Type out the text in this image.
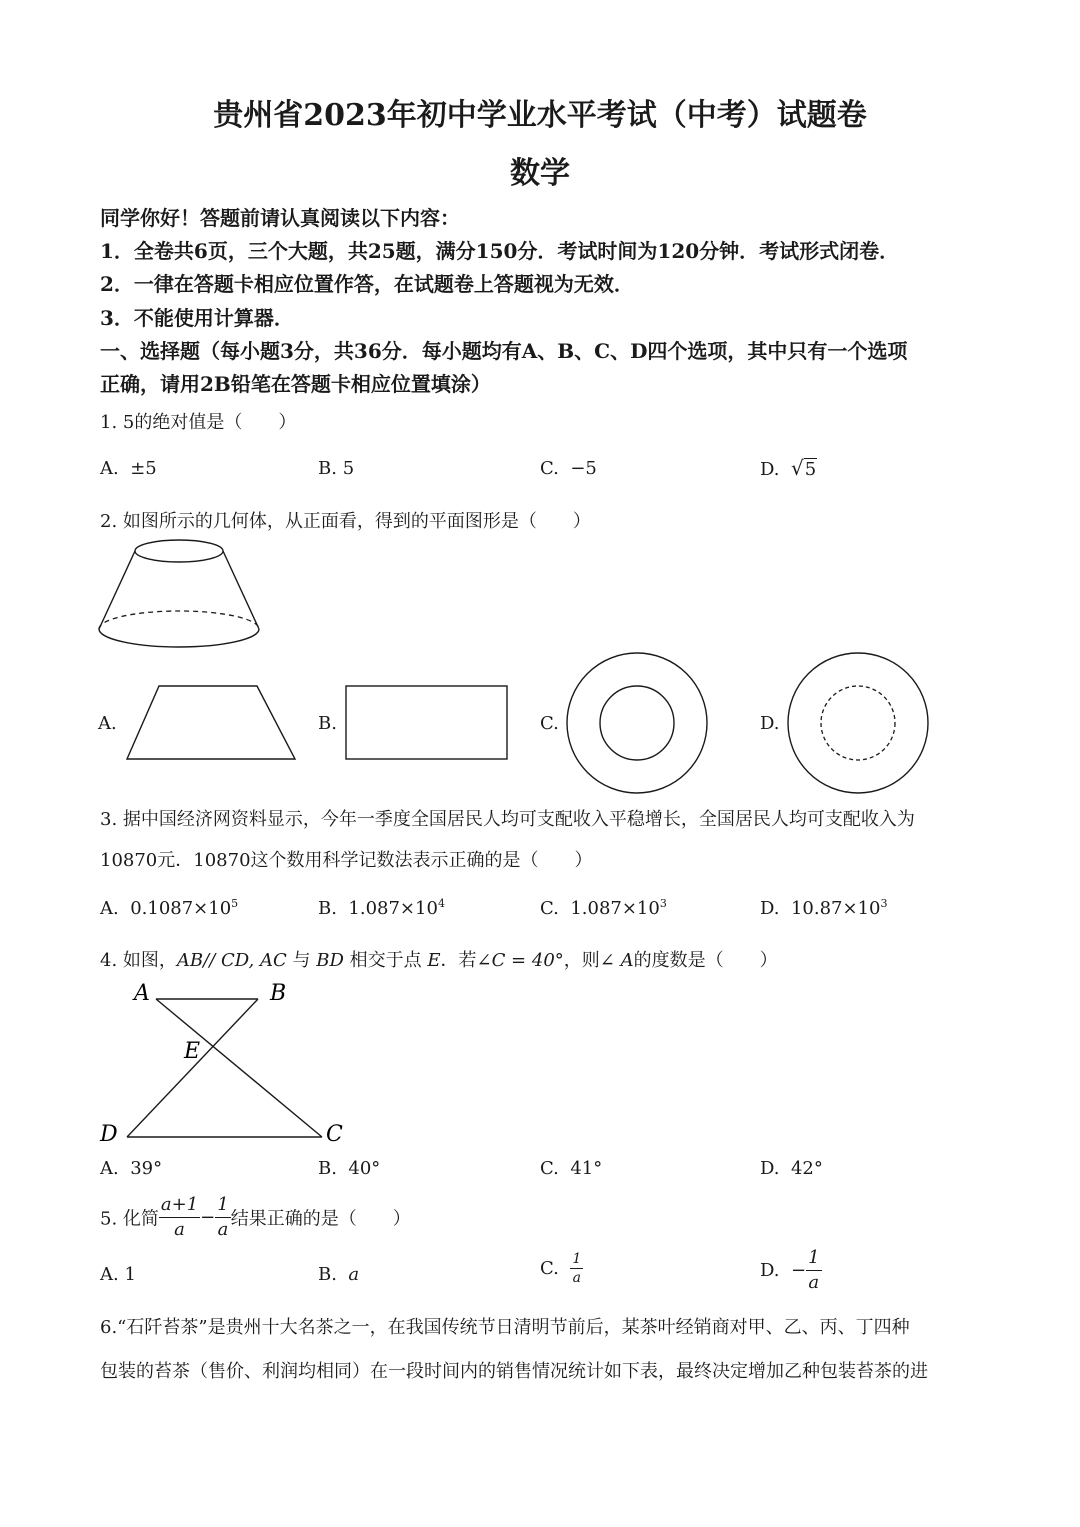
贵州省2023年初中学业水平考试（中考）试题卷
数学
同学你好！答题前请认真阅读以下内容：
1．全卷共6页，三个大题，共25题，满分150分．考试时间为120分钟．考试形式闭卷．
2．一律在答题卡相应位置作答，在试题卷上答题视为无效．
3．不能使用计算器．
一、选择题（每小题3分，共36分．每小题均有A、B、C、D四个选项，其中只有一个选项
正确，请用2B铅笔在答题卡相应位置填涂）
1. 5的绝对值是（　　）
A. ±5	B. 5	C. −5	D. √5
2. 如图所示的几何体，从正面看，得到的平面图形是（　　）
A.	B.	C.	D.
3. 据中国经济网资料显示，今年一季度全国居民人均可支配收入平稳增长，全国居民人均可支配收入为
10870元．10870这个数用科学记数法表示正确的是（　　）
A. $0.1087\times 10^5$	B. $1.087\times 10^4$	C. $1.087\times 10^3$	D. $10.87\times 10^3$
4. 如图，AB// CD, AC 与 BD 相交于点 E．若∠C = 40°，则∠ A的度数是（　　）
A	B
E
D	C
A. 39°	B. 40°	C. 41°	D. 42°
5. 化简 $\frac{a+1}{a} - \frac{1}{a}$ 结果正确的是（　　）
A. 1	B. a	C. $\frac{1}{a}$	D. − $\frac{1}{a}$
6.“石阡苔茶”是贵州十大名茶之一，在我国传统节日清明节前后，某茶叶经销商对甲、乙、丙、丁四种
包装的苔茶（售价、利润均相同）在一段时间内的销售情况统计如下表，最终决定增加乙种包装苔茶的进
